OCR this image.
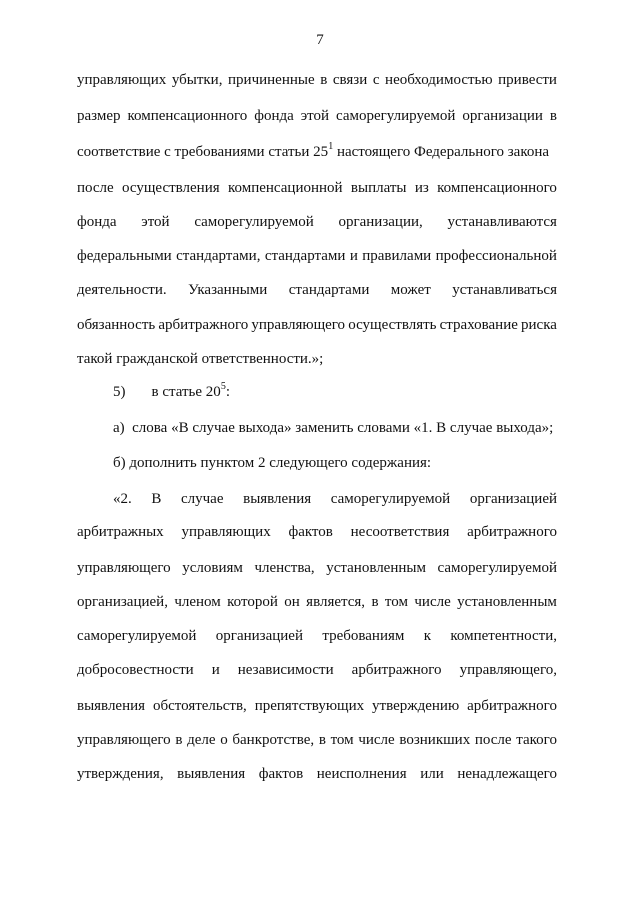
7
управляющих убытки, причиненные в связи с необходимостью привести
размер компенсационного фонда этой саморегулируемой организации в
соответствие с требованиями статьи $25^1$ настоящего Федерального закона
после осуществления компенсационной выплаты из компенсационного
фонда этой саморегулируемой организации, устанавливаются
федеральными стандартами, стандартами и правилами профессиональной
деятельности. Указанными стандартами может устанавливаться
обязанность арбитражного управляющего осуществлять страхование риска
такой гражданской ответственности.»;
5) в статье $20^5$:
а)  слова «В случае выхода» заменить словами «1. В случае выхода»;
б) дополнить пунктом 2 следующего содержания:
«2. В случае выявления саморегулируемой организацией
арбитражных управляющих фактов несоответствия арбитражного
управляющего условиям членства, установленным саморегулируемой
организацией, членом которой он является, в том числе установленным
саморегулируемой организацией требованиям к компетентности,
добросовестности и независимости арбитражного управляющего,
выявления обстоятельств, препятствующих утверждению арбитражного
управляющего в деле о банкротстве, в том числе возникших после такого
утверждения, выявления фактов неисполнения или ненадлежащего
